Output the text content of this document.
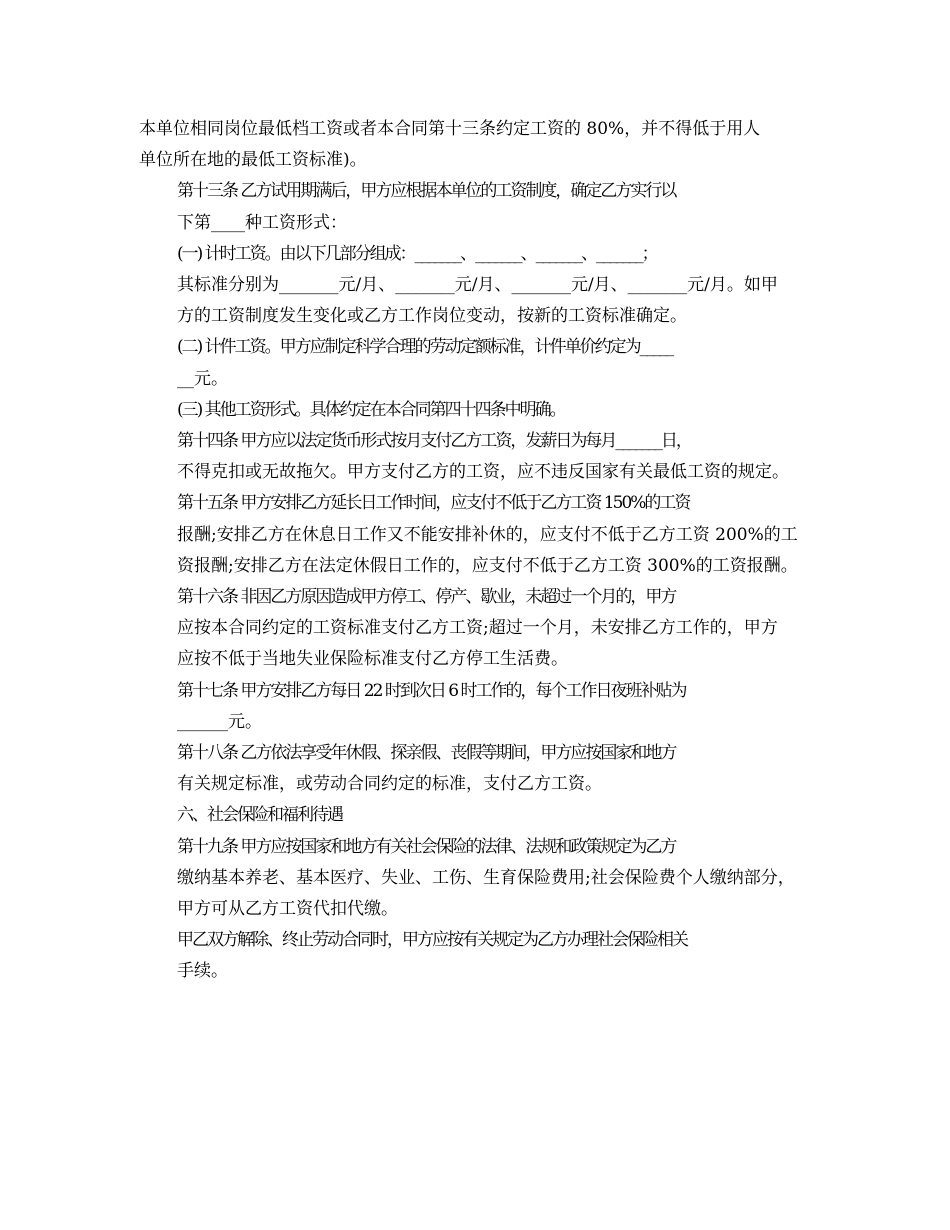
本单位相同岗位最低档工资或者本合同第十三条约定工资的 80%，并不得低于用人
单位所在地的最低工资标准)。

第十三条 乙方试用期满后，甲方应根据本单位的工资制度，确定乙方实行以
下第____种工资形式：

(一) 计时工资。由以下几部分组成：_______、_______、_______、_______；
其标准分别为_______元/月、_______元/月、_______元/月、_______元/月。如甲
方的工资制度发生变化或乙方工作岗位变动，按新的工资标准确定。

(二) 计件工资。甲方应制定科学合理的劳动定额标准，计件单价约定为_____
__元。

(三) 其他工资形式。具体约定在本合同第四十四条中明确。

第十四条 甲方应以法定货币形式按月支付乙方工资，发薪日为每月_______日，
不得克扣或无故拖欠。甲方支付乙方的工资，应不违反国家有关最低工资的规定。

第十五条 甲方安排乙方延长日工作时间，应支付不低于乙方工资 150%的工资
报酬;安排乙方在休息日工作又不能安排补休的，应支付不低于乙方工资 200%的工
资报酬;安排乙方在法定休假日工作的，应支付不低于乙方工资 300%的工资报酬。

第十六条 非因乙方原因造成甲方停工、停产、歇业，未超过一个月的，甲方
应按本合同约定的工资标准支付乙方工资;超过一个月，未安排乙方工作的，甲方
应按不低于当地失业保险标准支付乙方停工生活费。

第十七条 甲方安排乙方每日 22 时到次日 6 时工作的，每个工作日夜班补贴为
______元。

第十八条 乙方依法享受年休假、探亲假、丧假等期间，甲方应按国家和地方
有关规定标准，或劳动合同约定的标准，支付乙方工资。

六、社会保险和福利待遇

第十九条 甲方应按国家和地方有关社会保险的法律、法规和政策规定为乙方
缴纳基本养老、基本医疗、失业、工伤、生育保险费用;社会保险费个人缴纳部分，
甲方可从乙方工资代扣代缴。

甲乙双方解除、终止劳动合同时，甲方应按有关规定为乙方办理社会保险相关
手续。
